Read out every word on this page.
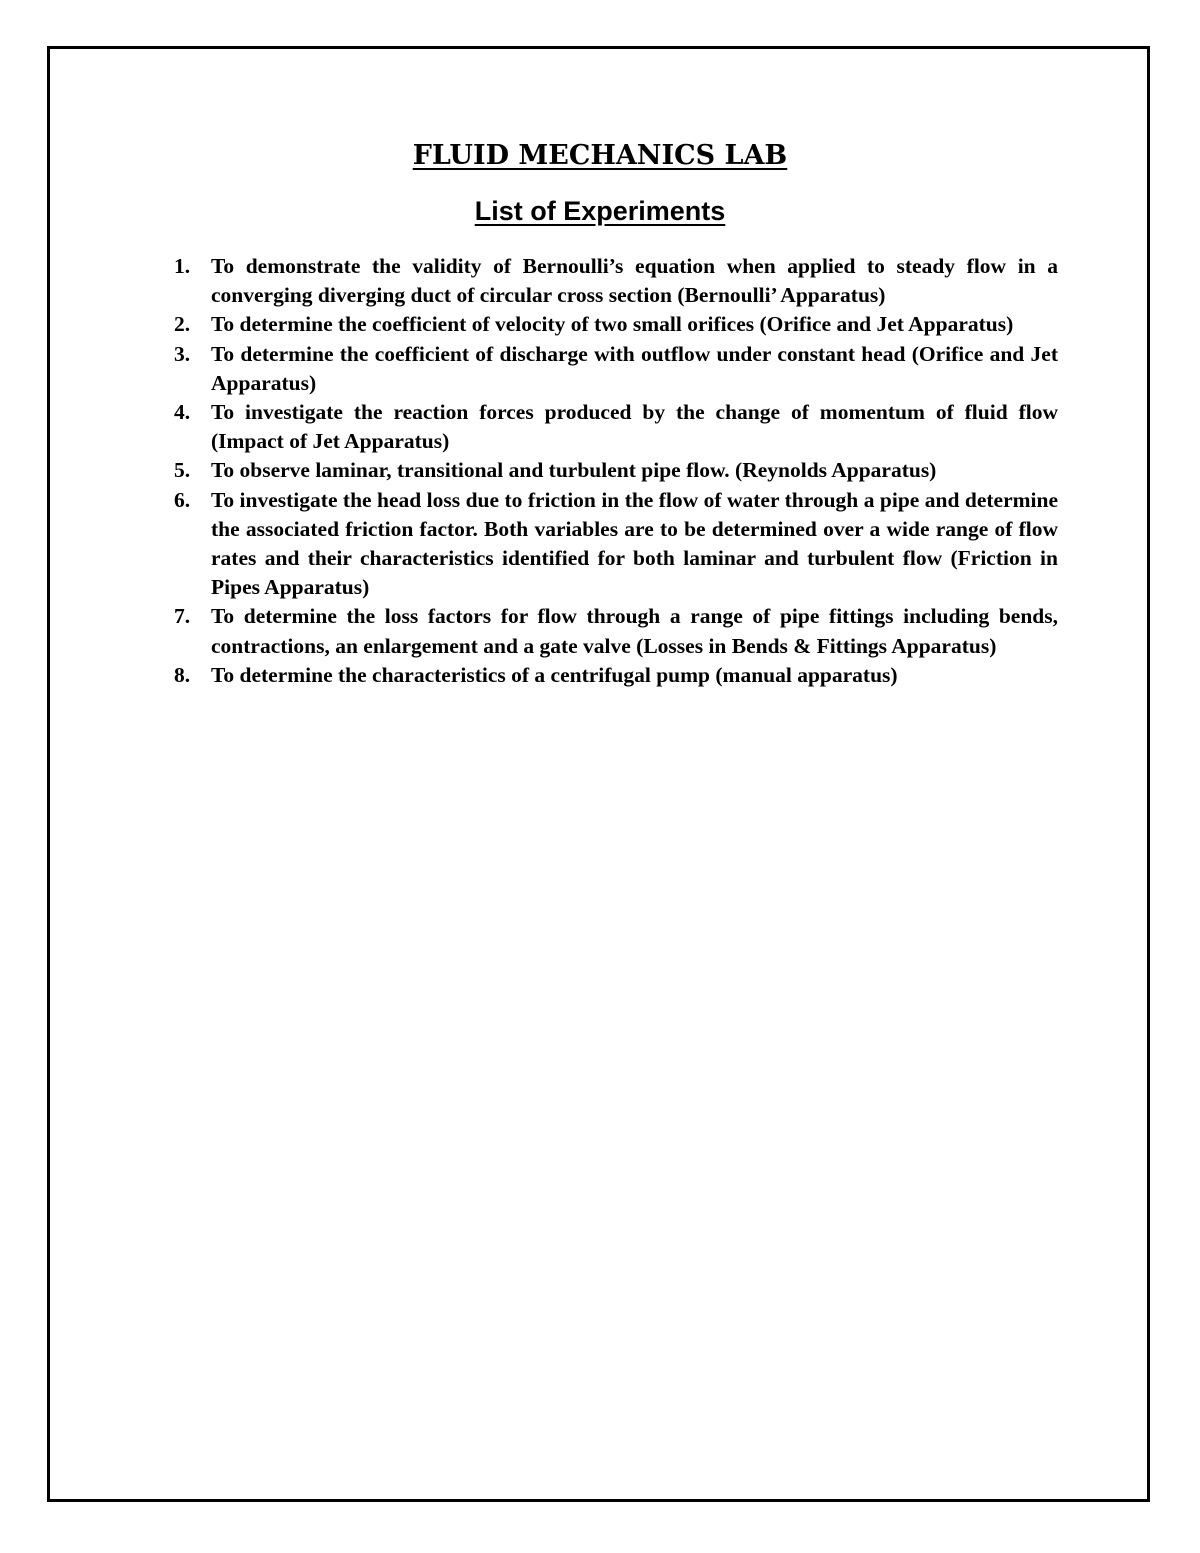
FLUID MECHANICS LAB
List of Experiments
1. To demonstrate the validity of Bernoulli’s equation when applied to steady flow in a converging diverging duct of circular cross section (Bernoulli’ Apparatus)
2. To determine the coefficient of velocity of two small orifices (Orifice and Jet Apparatus)
3. To determine the coefficient of discharge with outflow under constant head (Orifice and Jet Apparatus)
4. To investigate the reaction forces produced by the change of momentum of fluid flow (Impact of Jet Apparatus)
5. To observe laminar, transitional and turbulent pipe flow. (Reynolds Apparatus)
6. To investigate the head loss due to friction in the flow of water through a pipe and determine the associated friction factor. Both variables are to be determined over a wide range of flow rates and their characteristics identified for both laminar and turbulent flow (Friction in Pipes Apparatus)
7. To determine the loss factors for flow through a range of pipe fittings including bends, contractions, an enlargement and a gate valve (Losses in Bends & Fittings Apparatus)
8. To determine the characteristics of a centrifugal pump (manual apparatus)
